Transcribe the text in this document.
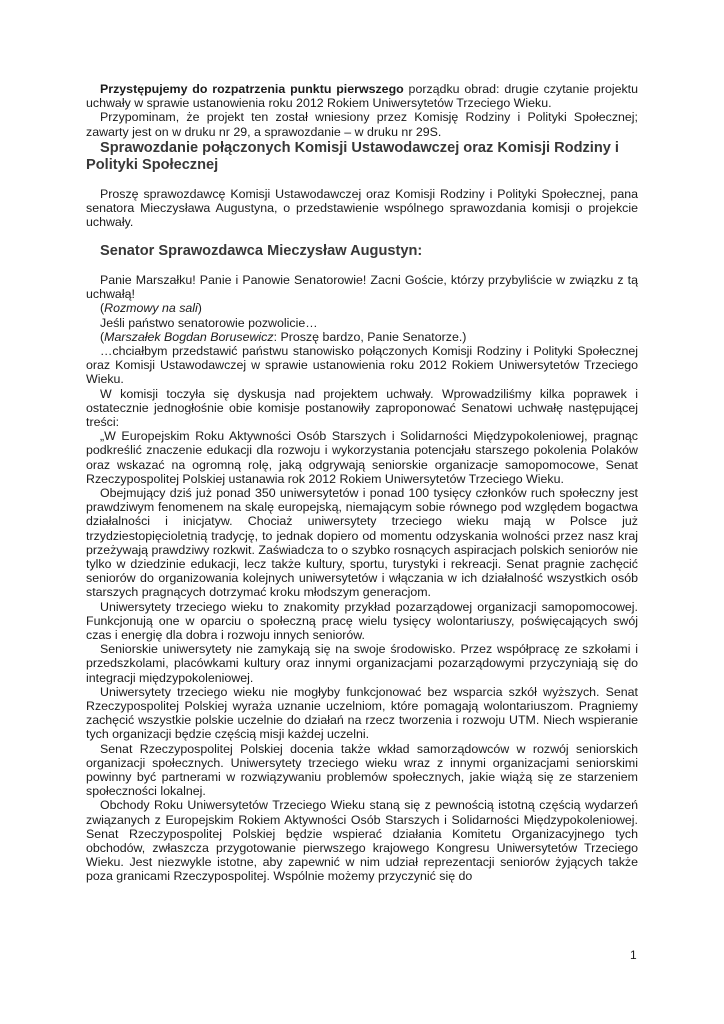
Przystępujemy do rozpatrzenia punktu pierwszego porządku obrad: drugie czytanie projektu uchwały w sprawie ustanowienia roku 2012 Rokiem Uniwersytetów Trzeciego Wieku.

Przypominam, że projekt ten został wniesiony przez Komisję Rodziny i Polityki Społecznej; zawarty jest on w druku nr 29, a sprawozdanie – w druku nr 29S.

Sprawozdanie połączonych Komisji Ustawodawczej oraz Komisji Rodziny i Polityki Społecznej

Proszę sprawozdawcę Komisji Ustawodawczej oraz Komisji Rodziny i Polityki Społecznej, pana senatora Mieczysława Augustyna, o przedstawienie wspólnego sprawozdania komisji o projekcie uchwały.

Senator Sprawozdawca Mieczysław Augustyn:

Panie Marszałku! Panie i Panowie Senatorowie! Zacni Goście, którzy przybyliście w związku z tą uchwałą!

(Rozmowy na sali)

Jeśli państwo senatorowie pozwolicie…

(Marszałek Bogdan Borusewicz: Proszę bardzo, Panie Senatorze.)

…chciałbym przedstawić państwu stanowisko połączonych Komisji Rodziny i Polityki Społecznej oraz Komisji Ustawodawczej w sprawie ustanowienia roku 2012 Rokiem Uniwersytetów Trzeciego Wieku.

W komisji toczyła się dyskusja nad projektem uchwały. Wprowadziliśmy kilka poprawek i ostatecznie jednogłośnie obie komisje postanowiły zaproponować Senatowi uchwałę następującej treści:

„W Europejskim Roku Aktywności Osób Starszych i Solidarności Międzypokoleniowej, pragnąc podkreślić znaczenie edukacji dla rozwoju i wykorzystania potencjału starszego pokolenia Polaków oraz wskazać na ogromną rolę, jaką odgrywają seniorskie organizacje samopomocowe, Senat Rzeczypospolitej Polskiej ustanawia rok 2012 Rokiem Uniwersytetów Trzeciego Wieku.

Obejmujący dziś już ponad 350 uniwersytetów i ponad 100 tysięcy członków ruch społeczny jest prawdziwym fenomenem na skalę europejską, niemającym sobie równego pod względem bogactwa działalności i inicjatyw. Chociaż uniwersytety trzeciego wieku mają w Polsce już trzydziestopięcioletnią tradycję, to jednak dopiero od momentu odzyskania wolności przez nasz kraj przeżywają prawdziwy rozkwit. Zaświadcza to o szybko rosnących aspiracjach polskich seniorów nie tylko w dziedzinie edukacji, lecz także kultury, sportu, turystyki i rekreacji. Senat pragnie zachęcić seniorów do organizowania kolejnych uniwersytetów i włączania w ich działalność wszystkich osób starszych pragnących dotrzymać kroku młodszym generacjom.

Uniwersytety trzeciego wieku to znakomity przykład pozarządowej organizacji samopomocowej. Funkcjonują one w oparciu o społeczną pracę wielu tysięcy wolontariuszy, poświęcających swój czas i energię dla dobra i rozwoju innych seniorów.

Seniorskie uniwersytety nie zamykają się na swoje środowisko. Przez współpracę ze szkołami i przedszkolami, placówkami kultury oraz innymi organizacjami pozarządowymi przyczyniają się do integracji międzypokoleniowej.

Uniwersytety trzeciego wieku nie mogłyby funkcjonować bez wsparcia szkół wyższych. Senat Rzeczypospolitej Polskiej wyraża uznanie uczelniom, które pomagają wolontariuszom. Pragniemy zachęcić wszystkie polskie uczelnie do działań na rzecz tworzenia i rozwoju UTM. Niech wspieranie tych organizacji będzie częścią misji każdej uczelni.

Senat Rzeczypospolitej Polskiej docenia także wkład samorządowców w rozwój seniorskich organizacji społecznych. Uniwersytety trzeciego wieku wraz z innymi organizacjami seniorskimi powinny być partnerami w rozwiązywaniu problemów społecznych, jakie wiążą się ze starzeniem społeczności lokalnej.

Obchody Roku Uniwersytetów Trzeciego Wieku staną się z pewnością istotną częścią wydarzeń związanych z Europejskim Rokiem Aktywności Osób Starszych i Solidarności Międzypokoleniowej. Senat Rzeczypospolitej Polskiej będzie wspierać działania Komitetu Organizacyjnego tych obchodów, zwłaszcza przygotowanie pierwszego krajowego Kongresu Uniwersytetów Trzeciego Wieku. Jest niezwykle istotne, aby zapewnić w nim udział reprezentacji seniorów żyjących także poza granicami Rzeczypospolitej. Wspólnie możemy przyczynić się do

1
